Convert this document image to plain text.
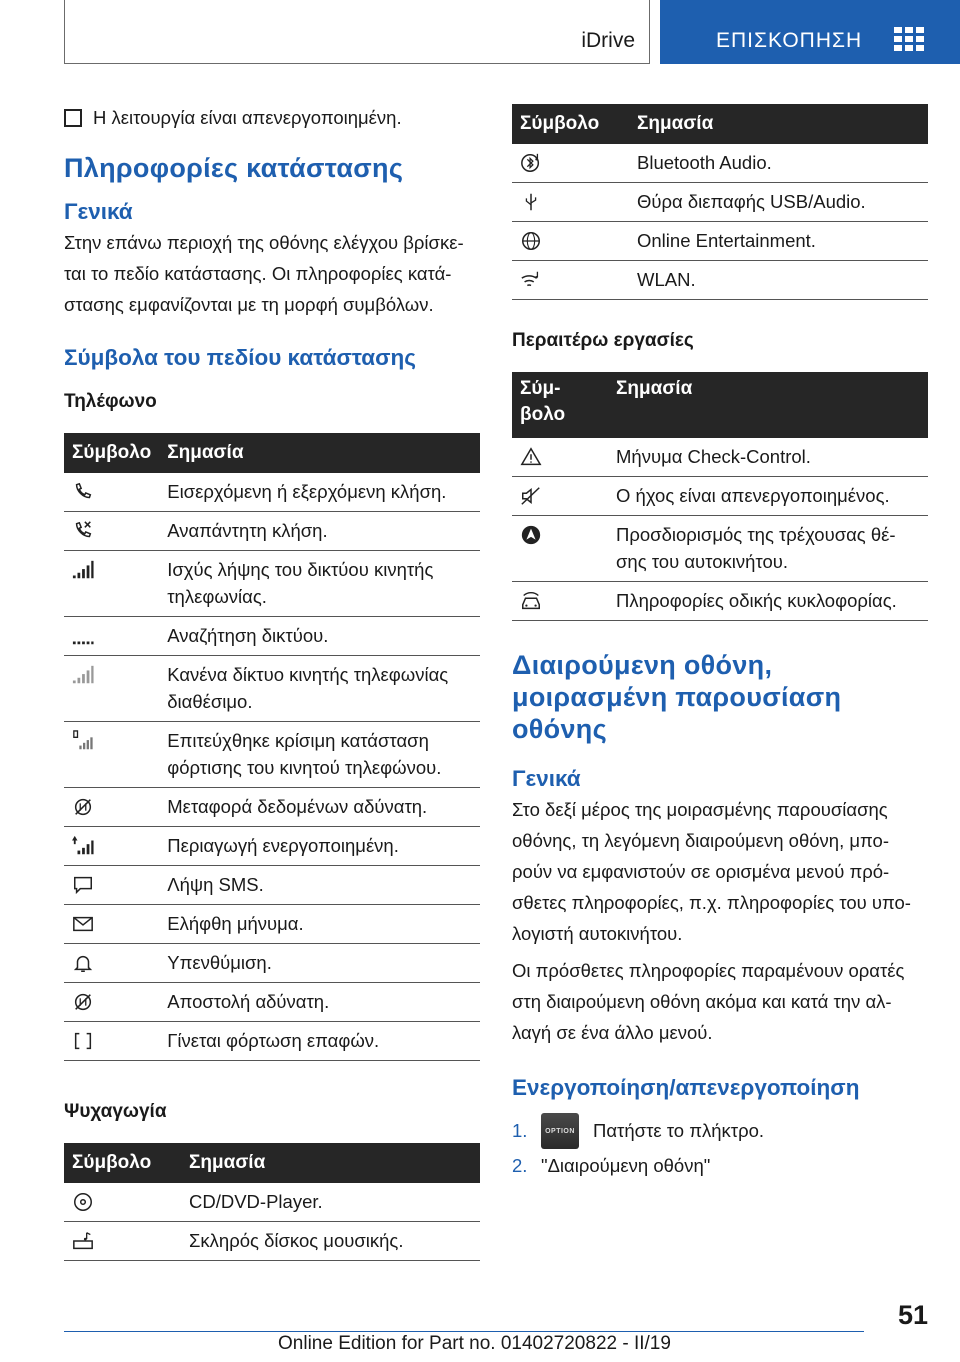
iDrive	ΕΠΙΣΚΟΠΗΣΗ
Η λειτουργία είναι απενεργοποιημένη.
Πληροφορίες κατάστασης
Γενικά
Στην επάνω περιοχή της οθόνης ελέγχου βρίσκε- ται το πεδίο κατάστασης. Οι πληροφορίες κατά- στασης εμφανίζονται με τη μορφή συμβόλων.
Σύμβολα του πεδίου κατάστασης
Τηλέφωνο
Σύμβολο	Σημασία

	Εισερχόμενη ή εξερχόμενη κλήση.

	Αναπάντητη κλήση.

	Ισχύς λήψης του δικτύου κινητής τηλεφωνίας.

	Αναζήτηση δικτύου.

	Κανένα δίκτυο κινητής τηλεφωνίας διαθέσιμο.

	Επιτεύχθηκε κρίσιμη κατάσταση φόρτισης του κινητού τηλεφώνου.

	Μεταφορά δεδομένων αδύνατη.

	Περιαγωγή ενεργοποιημένη.

	Λήψη SMS.

	Ελήφθη μήνυμα.

	Υπενθύμιση.

	Αποστολή αδύνατη.

	Γίνεται φόρτωση επαφών.
Ψυχαγωγία
Σύμβολο	Σημασία

	CD/DVD-Player.

	Σκληρός δίσκος μουσικής.
Σύμβολο	Σημασία

	Bluetooth Audio.

	Θύρα διεπαφής USB/Audio.

	Online Entertainment.

	WLAN.
Περαιτέρω εργασίες
Σύμ- βολο	Σημασία

	Μήνυμα Check-Control.

	Ο ήχος είναι απενεργοποιημένος.

	Προσδιορισμός της τρέχουσας θέ- σης του αυτοκινήτου.

	Πληροφορίες οδικής κυκλοφορίας.
Διαιρούμενη οθόνη, μοιρασμένη παρουσίαση οθόνης
Γενικά
Στο δεξί μέρος της μοιρασμένης παρουσίασης οθόνης, τη λεγόμενη διαιρούμενη οθόνη, μπο- ρούν να εμφανιστούν σε ορισμένα μενού πρό- σθετες πληροφορίες, π.χ. πληροφορίες του υπο- λογιστή αυτοκινήτου.
Οι πρόσθετες πληροφορίες παραμένουν ορατές στη διαιρούμενη οθόνη ακόμα και κατά την αλ- λαγή σε ένα άλλο μενού.
Ενεργοποίηση/απενεργοποίηση
1.	OPTION Πατήστε το πλήκτρο.
2. "Διαιρούμενη οθόνη"
51
Online Edition for Part no. 01402720822 - II/19
